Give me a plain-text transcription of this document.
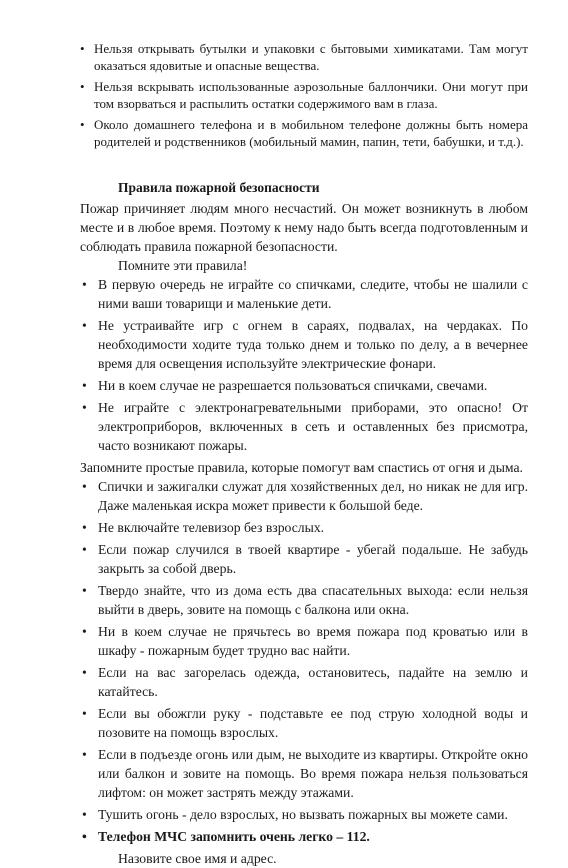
• Нельзя открывать бутылки и упаковки с бытовыми химикатами. Там могут оказаться ядовитые и опасные вещества.
• Нельзя вскрывать использованные аэрозольные баллончики. Они могут при том взорваться и распылить остатки содержимого вам в глаза.
• Около домашнего телефона и в мобильном телефоне должны быть номера родителей и родственников (мобильный мамин, папин, тети, бабушки, и т.д.).

Правила пожарной безопасности

Пожар причиняет людям много несчастий. Он может возникнуть в любом месте и в любое время. Поэтому к нему надо быть всегда подготовленным и соблюдать правила пожарной безопасности.

Помните эти правила!

• В первую очередь не играйте со спичками, следите, чтобы не шалили с ними ваши товарищи и маленькие дети.
• Не устраивайте игр с огнем в сараях, подвалах, на чердаках. По необходимости ходите туда только днем и только по делу, а в вечернее время для освещения используйте электрические фонари.
• Ни в коем случае не разрешается пользоваться спичками, свечами.
• Не играйте с электронагревательными приборами, это опасно! От электроприборов, включенных в сеть и оставленных без присмотра, часто возникают пожары.

Запомните простые правила, которые помогут вам спастись от огня и дыма.

• Спички и зажигалки служат для хозяйственных дел, но никак не для игр. Даже маленькая искра может привести к большой беде.
• Не включайте телевизор без взрослых.
• Если пожар случился в твоей квартире - убегай подальше. Не забудь закрыть за собой дверь.
• Твердо знайте, что из дома есть два спасательных выхода: если нельзя выйти в дверь, зовите на помощь с балкона или окна.
• Ни в коем случае не прячьтесь во время пожара под кроватью или в шкафу - пожарным будет трудно вас найти.
• Если на вас загорелась одежда, остановитесь, падайте на землю и катайтесь.
• Если вы обожгли руку - подставьте ее под струю холодной воды и позовите на помощь взрослых.
• Если в подъезде огонь или дым, не выходите из квартиры. Откройте окно или балкон и зовите на помощь. Во время пожара нельзя пользоваться лифтом: он может застрять между этажами.
• Тушить огонь - дело взрослых, но вызвать пожарных вы можете сами.
• Телефон МЧС запомнить очень легко – 112.

Назовите свое имя и адрес.
